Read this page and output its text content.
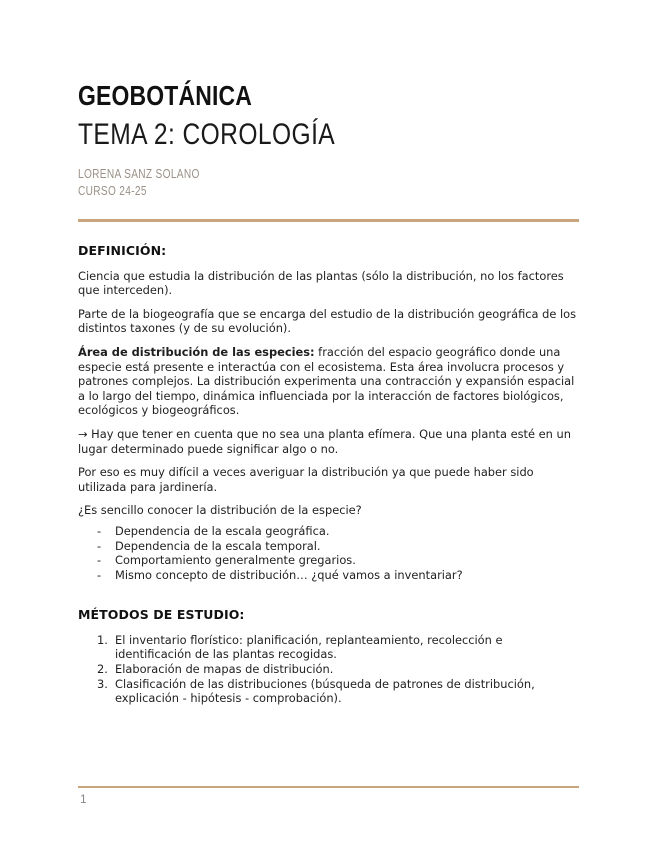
GEOBOTÁNICA
TEMA 2: COROLOGÍA
LORENA SANZ SOLANO
CURSO 24-25
DEFINICIÓN:

Ciencia que estudia la distribución de las plantas (sólo la distribución, no los factores que interceden).

Parte de la biogeografía que se encarga del estudio de la distribución geográfica de los distintos taxones (y de su evolución).

Área de distribución de las especies: fracción del espacio geográfico donde una especie está presente e interactúa con el ecosistema. Esta área involucra procesos y patrones complejos. La distribución experimenta una contracción y expansión espacial a lo largo del tiempo, dinámica influenciada por la interacción de factores biológicos, ecológicos y biogeográficos.

→ Hay que tener en cuenta que no sea una planta efímera. Que una planta esté en un lugar determinado puede significar algo o no.

Por eso es muy difícil a veces averiguar la distribución ya que puede haber sido utilizada para jardinería.

¿Es sencillo conocer la distribución de la especie?

- Dependencia de la escala geográfica.
- Dependencia de la escala temporal.
- Comportamiento generalmente gregarios.
- Mismo concepto de distribución… ¿qué vamos a inventariar?
MÉTODOS DE ESTUDIO:
1. El inventario florístico: planificación, replanteamiento, recolección e identificación de las plantas recogidas.
2. Elaboración de mapas de distribución.
3. Clasificación de las distribuciones (búsqueda de patrones de distribución, explicación - hipótesis - comprobación).
1
